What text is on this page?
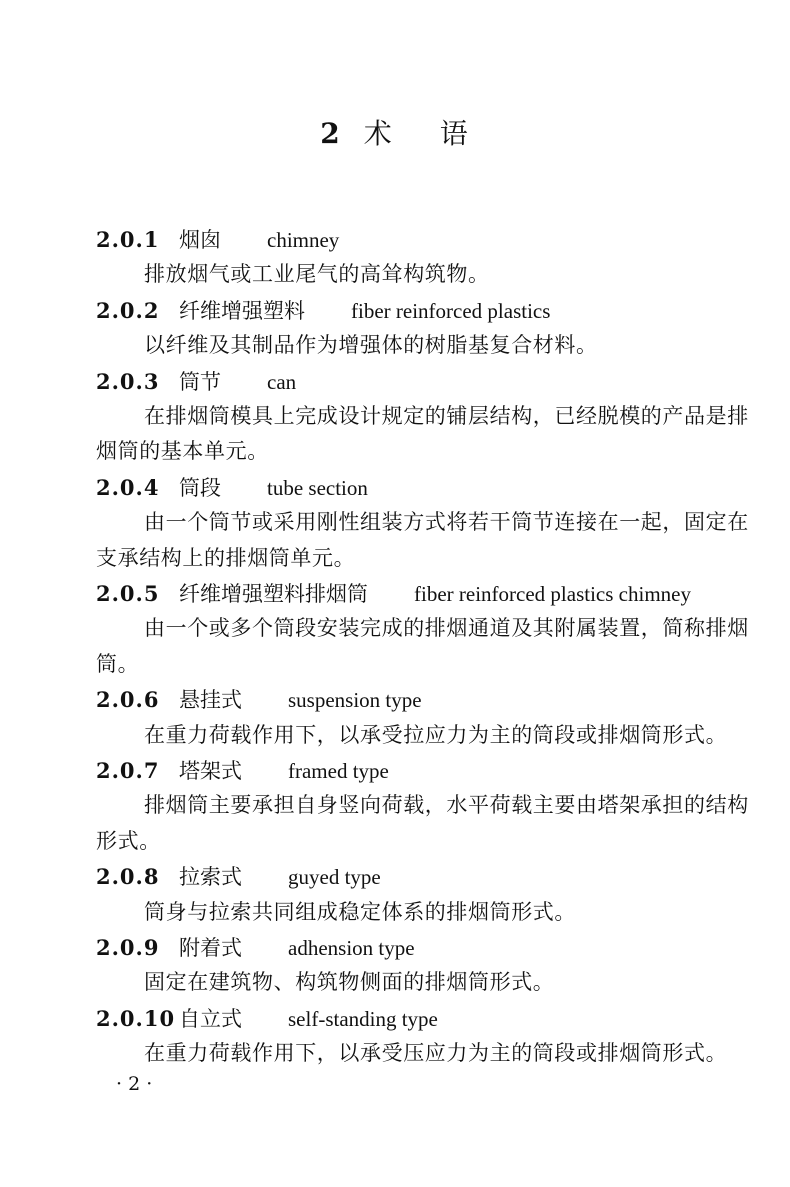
2 术 语
2.0.1 烟囱 chimney
排放烟气或工业尾气的高耸构筑物。
2.0.2 纤维增强塑料 fiber reinforced plastics
以纤维及其制品作为增强体的树脂基复合材料。
2.0.3 筒节 can
在排烟筒模具上完成设计规定的铺层结构，已经脱模的产品是排烟筒的基本单元。
2.0.4 筒段 tube section
由一个筒节或采用刚性组装方式将若干筒节连接在一起，固定在支承结构上的排烟筒单元。
2.0.5 纤维增强塑料排烟筒 fiber reinforced plastics chimney
由一个或多个筒段安装完成的排烟通道及其附属装置，简称排烟筒。
2.0.6 悬挂式 suspension type
在重力荷载作用下，以承受拉应力为主的筒段或排烟筒形式。
2.0.7 塔架式 framed type
排烟筒主要承担自身竖向荷载，水平荷载主要由塔架承担的结构形式。
2.0.8 拉索式 guyed type
筒身与拉索共同组成稳定体系的排烟筒形式。
2.0.9 附着式 adhension type
固定在建筑物、构筑物侧面的排烟筒形式。
2.0.10 自立式 self-standing type
在重力荷载作用下，以承受压应力为主的筒段或排烟筒形式。
· 2 ·
